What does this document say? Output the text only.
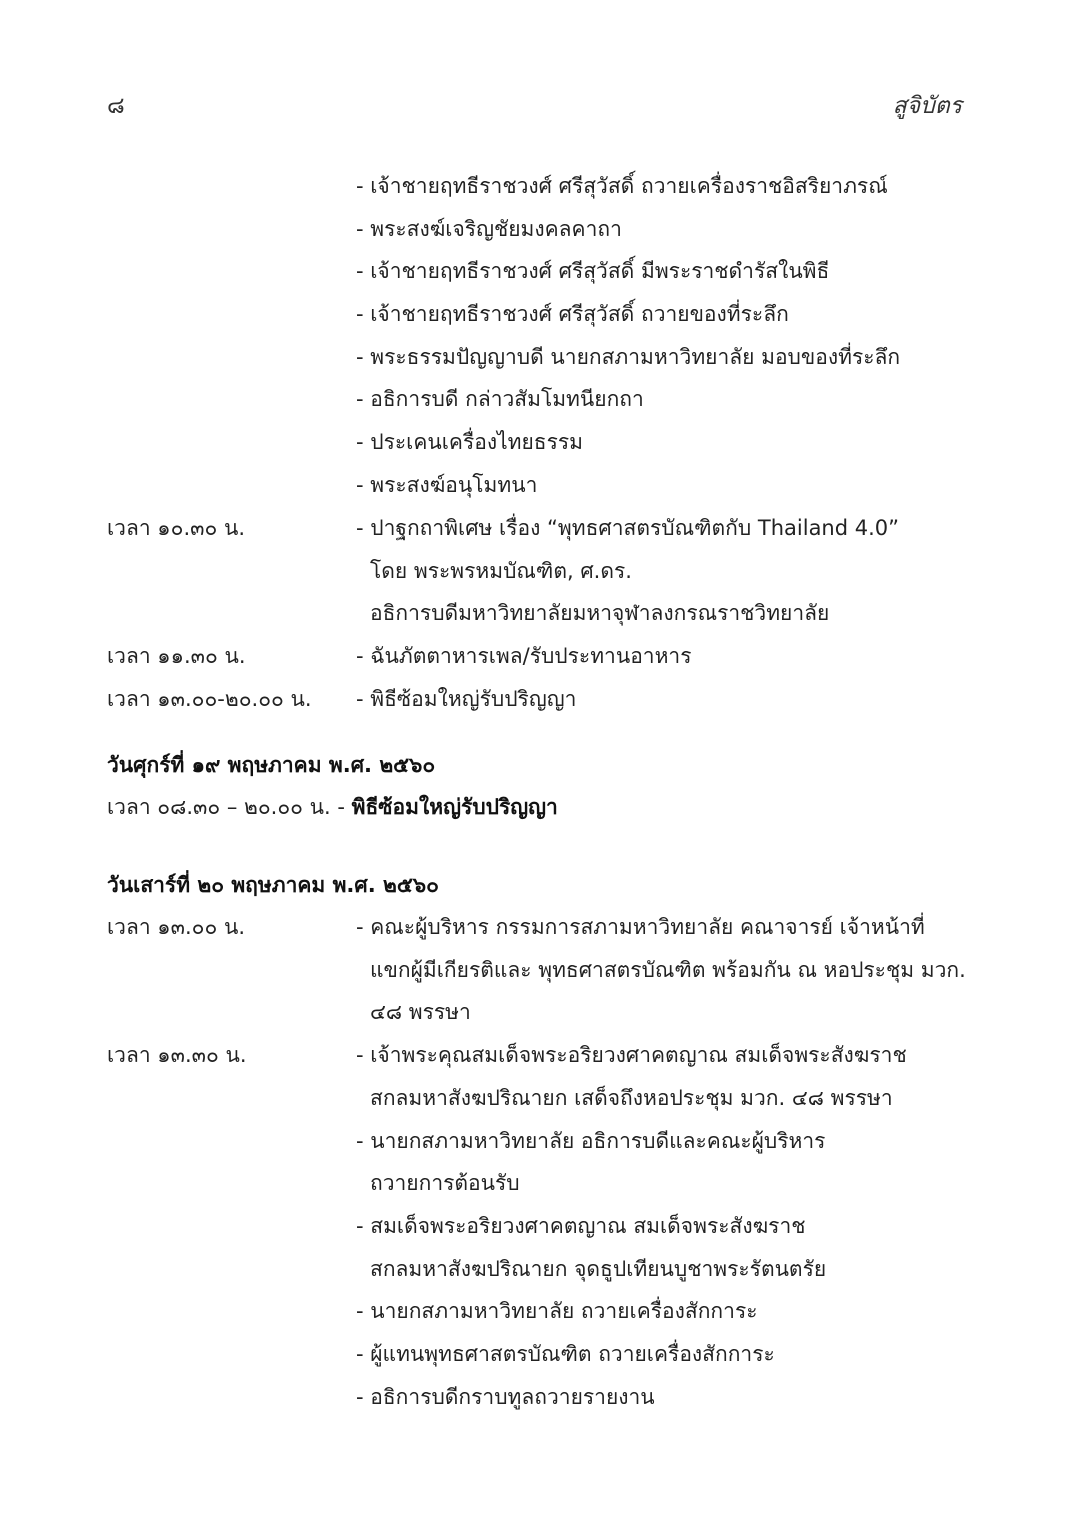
๘	สูจิบัตร
- เจ้าชายฤทธีราชวงศ์ ศรีสุวัสดิ์ ถวายเครื่องราชอิสริยาภรณ์
- พระสงฆ์เจริญชัยมงคลคาถา
- เจ้าชายฤทธีราชวงศ์ ศรีสุวัสดิ์ มีพระราชดำรัสในพิธี
- เจ้าชายฤทธีราชวงศ์ ศรีสุวัสดิ์ ถวายของที่ระลึก
- พระธรรมปัญญาบดี นายกสภามหาวิทยาลัย มอบของที่ระลึก
- อธิการบดี กล่าวสัมโมทนียกถา
- ประเคนเครื่องไทยธรรม
- พระสงฆ์อนุโมทนา
เวลา ๑๐.๓๐ น.	- ปาฐกถาพิเศษ เรื่อง “พุทธศาสตรบัณฑิตกับ Thailand 4.0”
โดย พระพรหมบัณฑิต, ศ.ดร.
อธิการบดีมหาวิทยาลัยมหาจุฬาลงกรณราชวิทยาลัย
เวลา ๑๑.๓๐ น.	- ฉันภัตตาหารเพล/รับประทานอาหาร
เวลา ๑๓.๐๐-๒๐.๐๐ น. - พิธีซ้อมใหญ่รับปริญญา
วันศุกร์ที่ ๑๙ พฤษภาคม พ.ศ. ๒๕๖๐
เวลา ๐๘.๓๐ – ๒๐.๐๐ น. - พิธีซ้อมใหญ่รับปริญญา
วันเสาร์ที่ ๒๐ พฤษภาคม พ.ศ. ๒๕๖๐
เวลา ๑๓.๐๐ น.	- คณะผู้บริหาร กรรมการสภามหาวิทยาลัย คณาจารย์ เจ้าหน้าที่
แขกผู้มีเกียรติและ พุทธศาสตรบัณฑิต พร้อมกัน ณ หอประชุม มวก.
๔๘ พรรษา
เวลา ๑๓.๓๐ น.	- เจ้าพระคุณสมเด็จพระอริยวงศาคตญาณ สมเด็จพระสังฆราช
สกลมหาสังฆปริณายก เสด็จถึงหอประชุม มวก. ๔๘ พรรษา
- นายกสภามหาวิทยาลัย อธิการบดีและคณะผู้บริหาร
ถวายการต้อนรับ
- สมเด็จพระอริยวงศาคตญาณ สมเด็จพระสังฆราช
สกลมหาสังฆปริณายก จุดธูปเทียนบูชาพระรัตนตรัย
- นายกสภามหาวิทยาลัย ถวายเครื่องสักการะ
- ผู้แทนพุทธศาสตรบัณฑิต ถวายเครื่องสักการะ
- อธิการบดีกราบทูลถวายรายงาน
